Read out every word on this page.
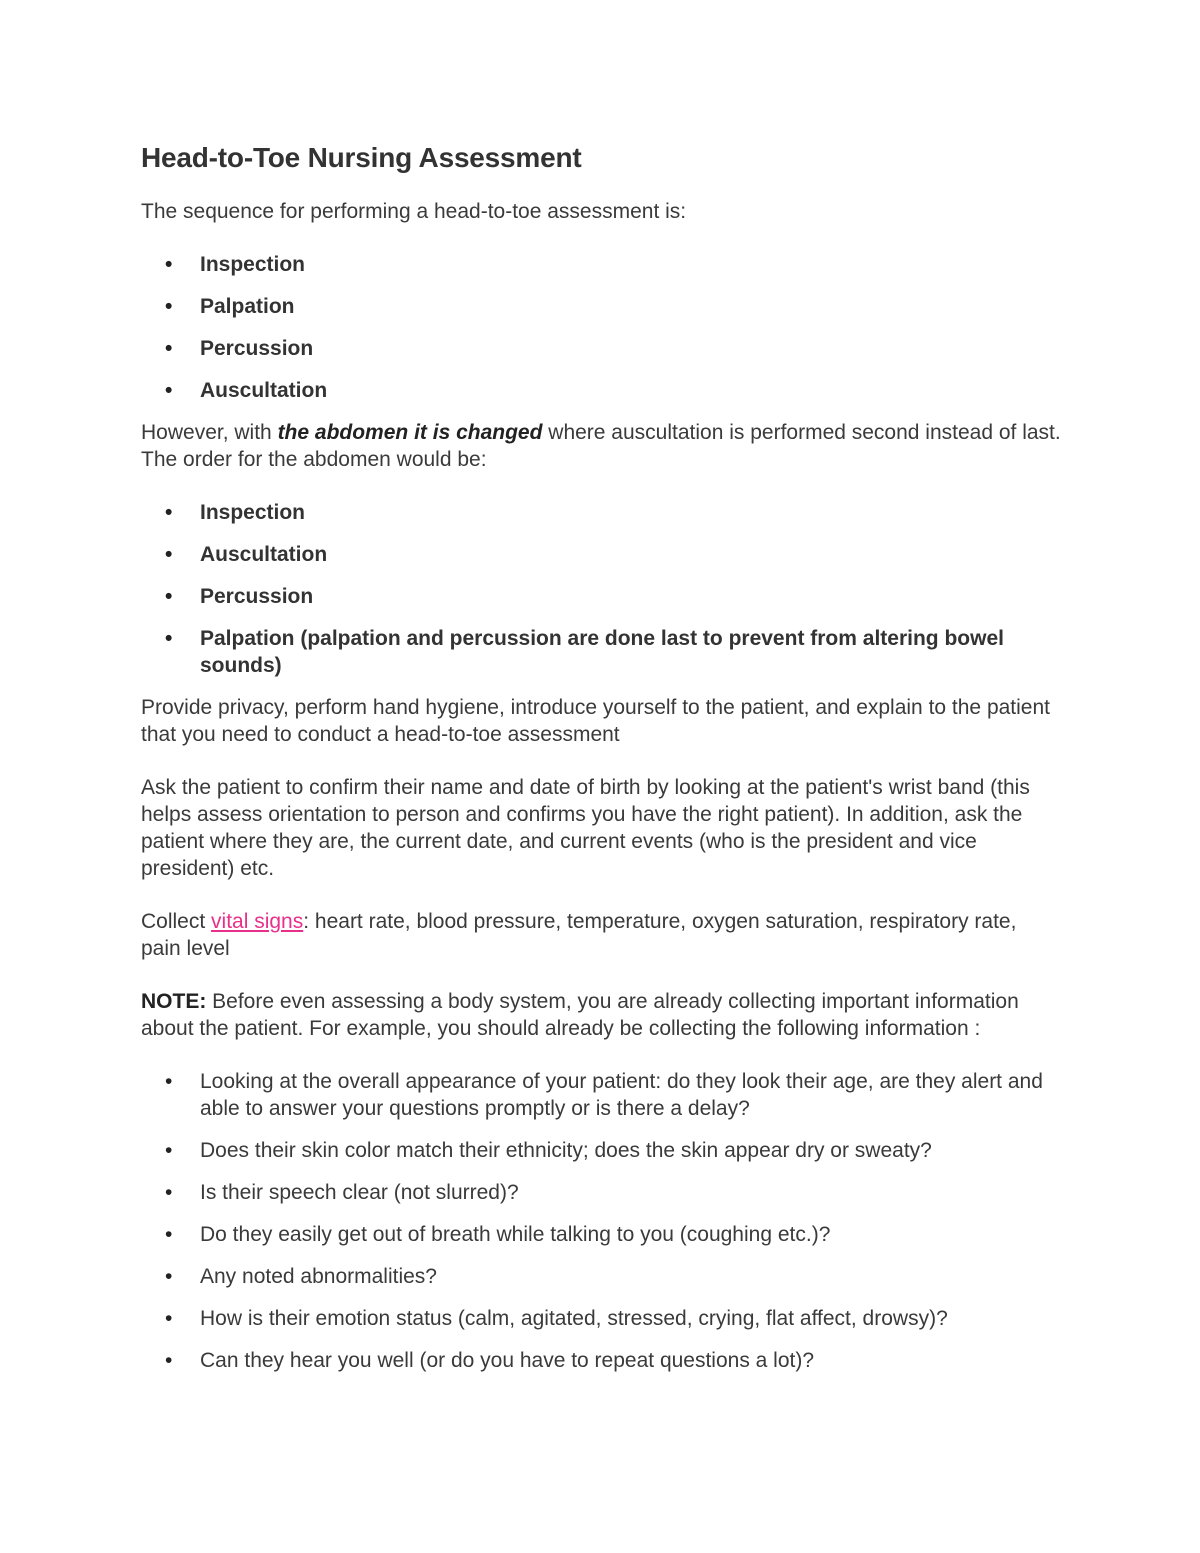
Head-to-Toe Nursing Assessment

The sequence for performing a head-to-toe assessment is:

• Inspection
• Palpation
• Percussion
• Auscultation

However, with the abdomen it is changed where auscultation is performed second instead of last. The order for the abdomen would be:

• Inspection
• Auscultation
• Percussion
• Palpation (palpation and percussion are done last to prevent from altering bowel sounds)

Provide privacy, perform hand hygiene, introduce yourself to the patient, and explain to the patient that you need to conduct a head-to-toe assessment

Ask the patient to confirm their name and date of birth by looking at the patient's wrist band (this helps assess orientation to person and confirms you have the right patient). In addition, ask the patient where they are, the current date, and current events (who is the president and vice president) etc.

Collect vital signs: heart rate, blood pressure, temperature, oxygen saturation, respiratory rate, pain level

NOTE: Before even assessing a body system, you are already collecting important information about the patient. For example, you should already be collecting the following information :

• Looking at the overall appearance of your patient: do they look their age, are they alert and able to answer your questions promptly or is there a delay?
• Does their skin color match their ethnicity; does the skin appear dry or sweaty?
• Is their speech clear (not slurred)?
• Do they easily get out of breath while talking to you (coughing etc.)?
• Any noted abnormalities?
• How is their emotion status (calm, agitated, stressed, crying, flat affect, drowsy)?
• Can they hear you well (or do you have to repeat questions a lot)?
